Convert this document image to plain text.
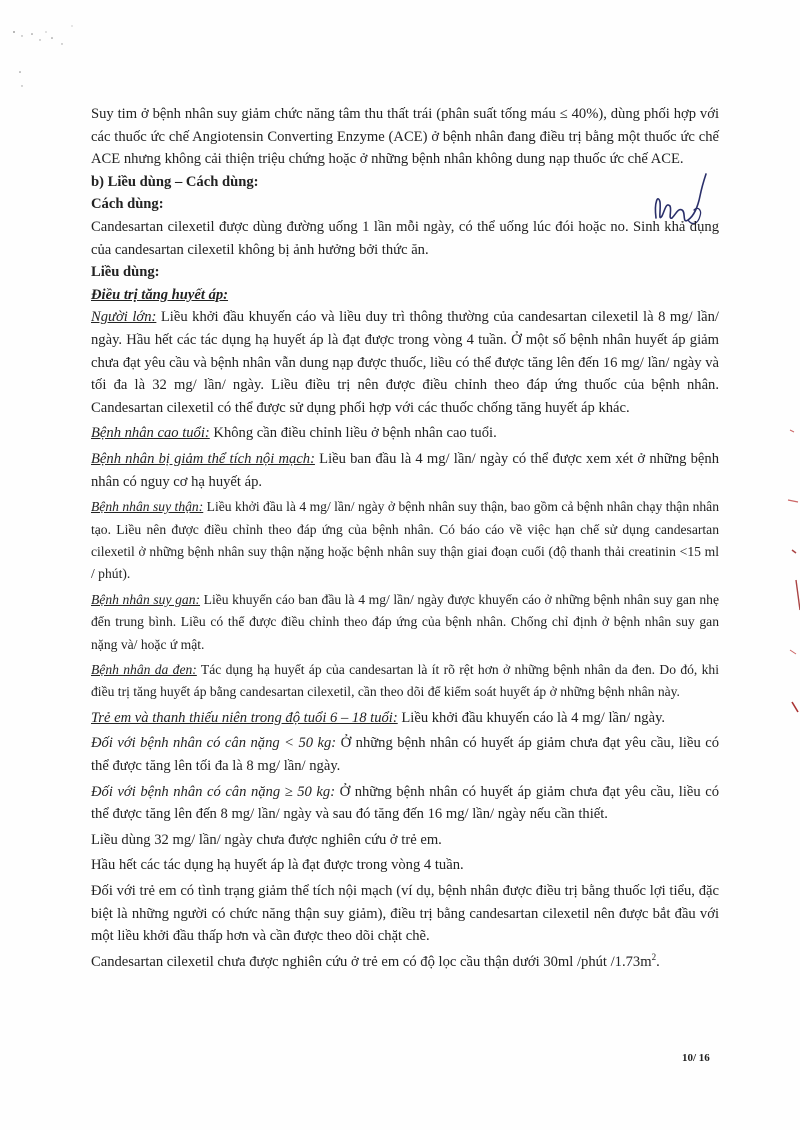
Suy tim ở bệnh nhân suy giảm chức năng tâm thu thất trái (phân suất tống máu ≤ 40%), dùng phối hợp với các thuốc ức chế Angiotensin Converting Enzyme (ACE) ở bệnh nhân đang điều trị bằng một thuốc ức chế ACE nhưng không cải thiện triệu chứng hoặc ở những bệnh nhân không dung nạp thuốc ức chế ACE.

b) Liều dùng – Cách dùng:

Cách dùng:

Candesartan cilexetil được dùng đường uống 1 lần mỗi ngày, có thể uống lúc đói hoặc no. Sinh khả dụng của candesartan cilexetil không bị ảnh hưởng bởi thức ăn.

Liều dùng:

Điều trị tăng huyết áp:

Người lớn: Liều khởi đầu khuyến cáo và liều duy trì thông thường của candesartan cilexetil là 8 mg/ lần/ ngày. Hầu hết các tác dụng hạ huyết áp là đạt được trong vòng 4 tuần. Ở một số bệnh nhân huyết áp giảm chưa đạt yêu cầu và bệnh nhân vẫn dung nạp được thuốc, liều có thể được tăng lên đến 16 mg/ lần/ ngày và tối đa là 32 mg/ lần/ ngày. Liều điều trị nên được điều chỉnh theo đáp ứng thuốc của bệnh nhân. Candesartan cilexetil có thể được sử dụng phối hợp với các thuốc chống tăng huyết áp khác.

Bệnh nhân cao tuổi: Không cần điều chỉnh liều ở bệnh nhân cao tuổi.

Bệnh nhân bị giảm thể tích nội mạch: Liều ban đầu là 4 mg/ lần/ ngày có thể được xem xét ở những bệnh nhân có nguy cơ hạ huyết áp.

Bệnh nhân suy thận: Liều khởi đầu là 4 mg/ lần/ ngày ở bệnh nhân suy thận, bao gồm cả bệnh nhân chạy thận nhân tạo. Liều nên được điều chỉnh theo đáp ứng của bệnh nhân. Có báo cáo về việc hạn chế sử dụng candesartan cilexetil ở những bệnh nhân suy thận nặng hoặc bệnh nhân suy thận giai đoạn cuối (độ thanh thải creatinin <15 ml / phút).

Bệnh nhân suy gan: Liều khuyến cáo ban đầu là 4 mg/ lần/ ngày được khuyến cáo ở những bệnh nhân suy gan nhẹ đến trung bình. Liều có thể được điều chỉnh theo đáp ứng của bệnh nhân. Chống chỉ định ở bệnh nhân suy gan nặng và/ hoặc ứ mật.

Bệnh nhân da đen: Tác dụng hạ huyết áp của candesartan là ít rõ rệt hơn ở những bệnh nhân da đen. Do đó, khi điều trị tăng huyết áp bằng candesartan cilexetil, cần theo dõi để kiểm soát huyết áp ở những bệnh nhân này.

Trẻ em và thanh thiếu niên trong độ tuổi 6 – 18 tuổi: Liều khởi đầu khuyến cáo là 4 mg/ lần/ ngày.

Đối với bệnh nhân có cân nặng < 50 kg: Ở những bệnh nhân có huyết áp giảm chưa đạt yêu cầu, liều có thể được tăng lên tối đa là 8 mg/ lần/ ngày.

Đối với bệnh nhân có cân nặng ≥ 50 kg: Ở những bệnh nhân có huyết áp giảm chưa đạt yêu cầu, liều có thể được tăng lên đến 8 mg/ lần/ ngày và sau đó tăng đến 16 mg/ lần/ ngày nếu cần thiết.

Liều dùng 32 mg/ lần/ ngày chưa được nghiên cứu ở trẻ em.

Hầu hết các tác dụng hạ huyết áp là đạt được trong vòng 4 tuần.

Đối với trẻ em có tình trạng giảm thể tích nội mạch (ví dụ, bệnh nhân được điều trị bằng thuốc lợi tiểu, đặc biệt là những người có chức năng thận suy giảm), điều trị bằng candesartan cilexetil nên được bắt đầu với một liều khởi đầu thấp hơn và cần được theo dõi chặt chẽ.

Candesartan cilexetil chưa được nghiên cứu ở trẻ em có độ lọc cầu thận dưới 30ml /phút $/1.73m^2$.

10/ 16
